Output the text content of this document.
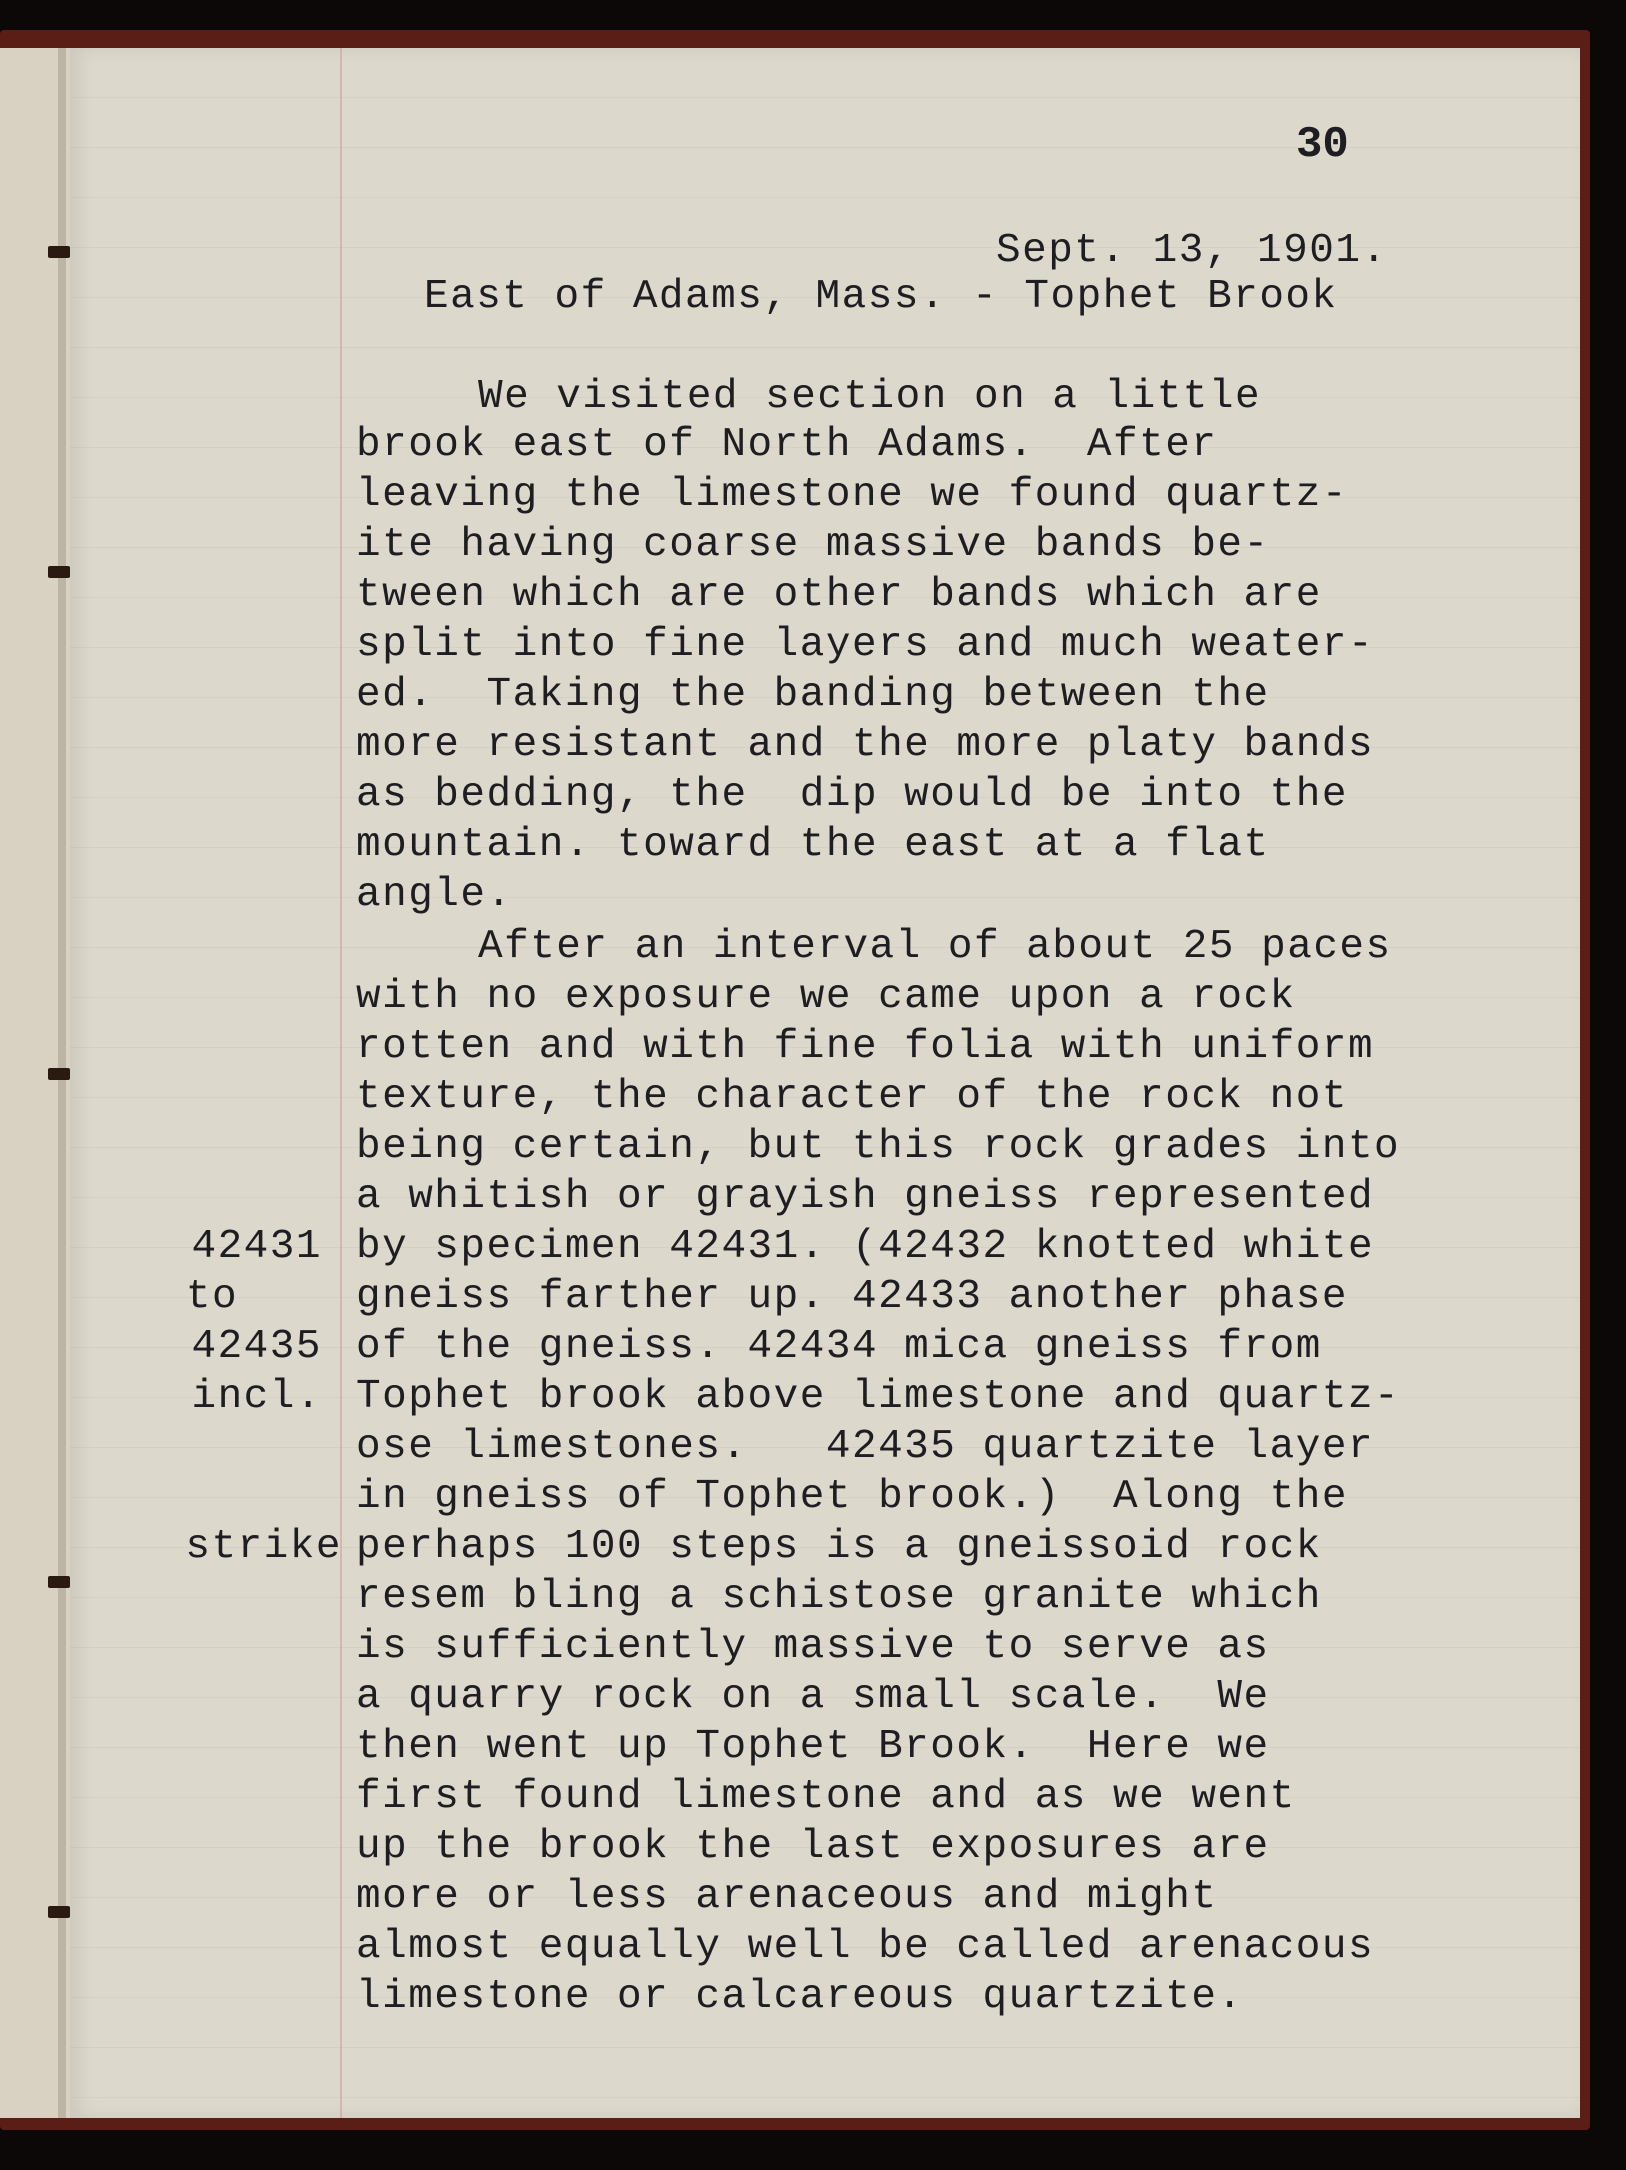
30
Sept. 13, 1901.
East of Adams, Mass. - Tophet Brook
We visited section on a little
brook east of North Adams.  After
leaving the limestone we found quartz-
ite having coarse massive bands be-
tween which are other bands which are
split into fine layers and much weater-
ed.  Taking the banding between the
more resistant and the more platy bands
as bedding, the  dip would be into the
mountain. toward the east at a flat
angle.
After an interval of about 25 paces
with no exposure we came upon a rock
rotten and with fine folia with uniform
texture, the character of the rock not
being certain, but this rock grades into
a whitish or grayish gneiss represented
by specimen 42431. (42432 knotted white
gneiss farther up. 42433 another phase
of the gneiss. 42434 mica gneiss from
Tophet brook above limestone and quartz-
ose limestones.   42435 quartzite layer
in gneiss of Tophet brook.)  Along the
perhaps 100 steps is a gneissoid rock
resem bling a schistose granite which
is sufficiently massive to serve as
a quarry rock on a small scale.  We
then went up Tophet Brook.  Here we
first found limestone and as we went
up the brook the last exposures are
more or less arenaceous and might
almost equally well be called arenacous
limestone or calcareous quartzite.
42431
to
42435
incl.
strike
